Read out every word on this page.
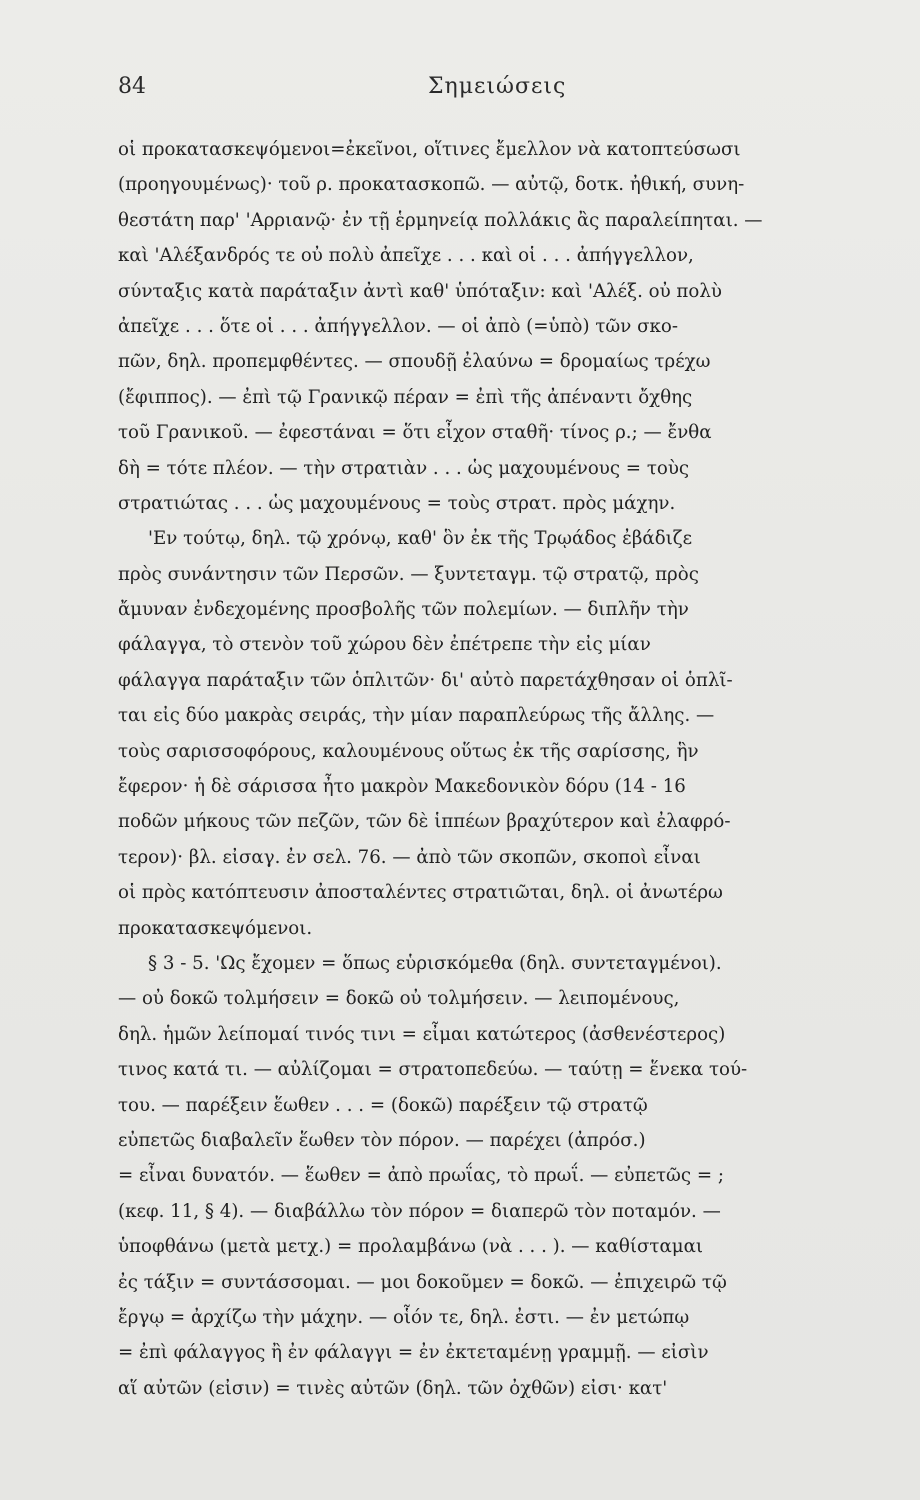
84	Σημειώσεις
οἱ προκατασκεψόμενοι=ἐκεῖνοι, οἵτινες ἔμελλον νὰ κατοπτεύσωσι
(προηγουμένως)· τοῦ ρ. προκατασκοπῶ. — αὐτῷ, δοτκ. ἠθική, συνη-
θεστάτη παρ' 'Αρριανῷ· ἐν τῇ ἑρμηνείᾳ πολλάκις ἂς παραλείπηται. —
καὶ 'Αλέξανδρός τε οὐ πολὺ ἀπεῖχε . . . καὶ οἱ . . . ἀπήγγελλον,
σύνταξις κατὰ παράταξιν ἀντὶ καθ' ὑπόταξιν: καὶ 'Αλέξ. οὐ πολὺ
ἀπεῖχε . . . ὅτε οἱ . . . ἀπήγγελλον. — οἱ ἀπὸ (=ὑπὸ) τῶν σκο-
πῶν, δηλ. προπεμφθέντες. — σπουδῇ ἐλαύνω = δρομαίως τρέχω
(ἔφιππος). — ἐπὶ τῷ Γρανικῷ πέραν = ἐπὶ τῆς ἀπέναντι ὄχθης
τοῦ Γρανικοῦ. — ἐφεστάναι = ὅτι εἶχον σταθῆ· τίνος ρ.; — ἔνθα
δὴ = τότε πλέον. — τὴν στρατιὰν . . . ὡς μαχουμένους = τοὺς
στρατιώτας . . . ὡς μαχουμένους = τοὺς στρατ. πρὸς μάχην.
'Εν τούτῳ, δηλ. τῷ χρόνῳ, καθ' ὃν ἐκ τῆς Τρῳάδος ἐβάδιζε
πρὸς συνάντησιν τῶν Περσῶν. — ξυντεταγμ. τῷ στρατῷ, πρὸς
ἄμυναν ἐνδεχομένης προσβολῆς τῶν πολεμίων. — διπλῆν τὴν
φάλαγγα, τὸ στενὸν τοῦ χώρου δὲν ἐπέτρεπε τὴν εἰς μίαν
φάλαγγα παράταξιν τῶν ὁπλιτῶν· δι' αὐτὸ παρετάχθησαν οἱ ὁπλῖ-
ται εἰς δύο μακρὰς σειράς, τὴν μίαν παραπλεύρως τῆς ἄλλης. —
τοὺς σαρισσοφόρους, καλουμένους οὕτως ἐκ τῆς σαρίσσης, ἣν
ἔφερον· ἡ δὲ σάρισσα ἦτο μακρὸν Μακεδονικὸν δόρυ (14 - 16
ποδῶν μήκους τῶν πεζῶν, τῶν δὲ ἱππέων βραχύτερον καὶ ἐλαφρό-
τερον)· βλ. εἰσαγ. ἐν σελ. 76. — ἀπὸ τῶν σκοπῶν, σκοποὶ εἶναι
οἱ πρὸς κατόπτευσιν ἀποσταλέντες στρατιῶται, δηλ. οἱ ἀνωτέρω
προκατασκεψόμενοι.
§ 3 - 5. 'Ως ἔχομεν = ὅπως εὑρισκόμεθα (δηλ. συντεταγμένοι).
— οὐ δοκῶ τολμήσειν = δοκῶ οὐ τολμήσειν. — λειπομένους,
δηλ. ἡμῶν λείπομαί τινός τινι = εἶμαι κατώτερος (ἀσθενέστερος)
τινος κατά τι. — αὐλίζομαι = στρατοπεδεύω. — ταύτῃ = ἕνεκα τού-
του. — παρέξειν ἕωθεν . . . = (δοκῶ) παρέξειν τῷ στρατῷ
εὐπετῶς διαβαλεῖν ἕωθεν τὸν πόρον. — παρέχει (ἀπρόσ.)
= εἶναι δυνατόν. — ἕωθεν = ἀπὸ πρωΐας, τὸ πρωΐ. — εὐπετῶς = ;
(κεφ. 11, § 4). — διαβάλλω τὸν πόρον = διαπερῶ τὸν ποταμόν. —
ὑποφθάνω (μετὰ μετχ.) = προλαμβάνω (νὰ . . . ). — καθίσταμαι
ἐς τάξιν = συντάσσομαι. — μοι δοκοῦμεν = δοκῶ. — ἐπιχειρῶ τῷ
ἔργῳ = ἀρχίζω τὴν μάχην. — οἷόν τε, δηλ. ἐστι. — ἐν μετώπῳ
= ἐπὶ φάλαγγος ἢ ἐν φάλαγγι = ἐν ἐκτεταμένῃ γραμμῇ. — εἰσὶν
αἵ αὐτῶν (εἰσιν) = τινὲς αὐτῶν (δηλ. τῶν ὀχθῶν) εἰσι· κατ'
